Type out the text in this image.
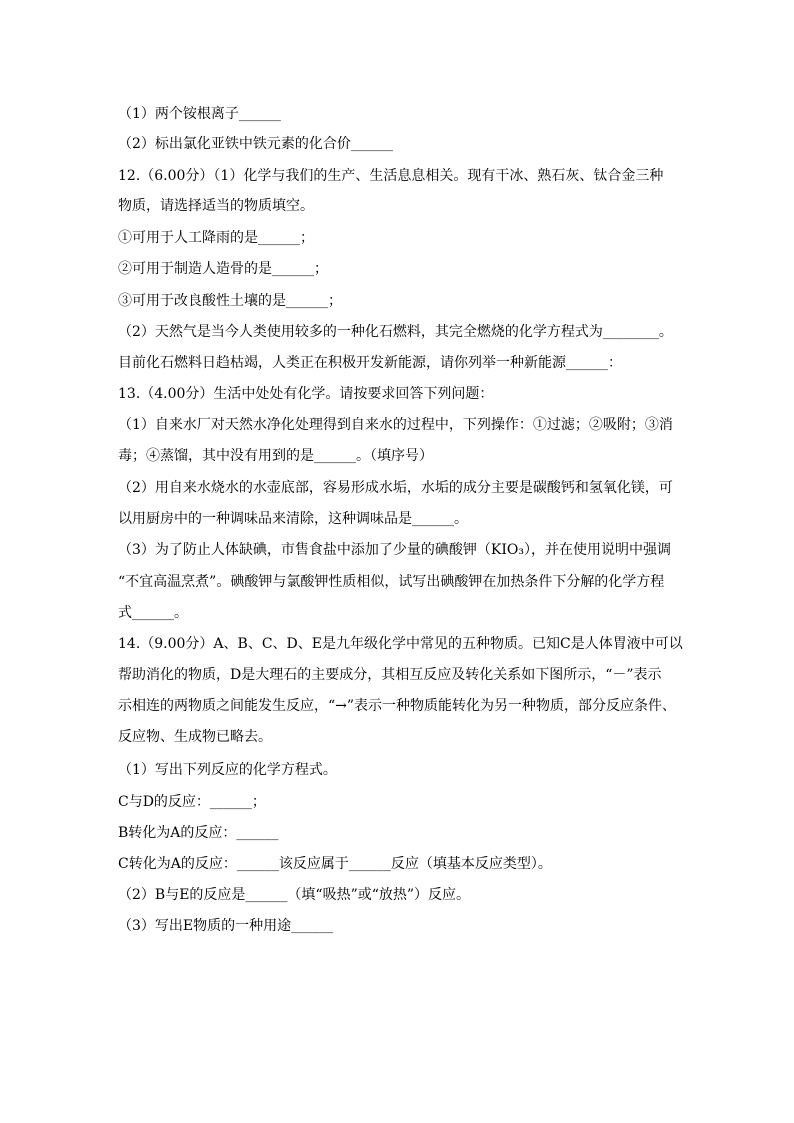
（1）两个铵根离子______
（2）标出氯化亚铁中铁元素的化合价______
12.（6.00分）（1）化学与我们的生产、生活息息相关。现有干冰、熟石灰、钛合金三种
物质，请选择适当的物质填空。
①可用于人工降雨的是______；
②可用于制造人造骨的是______；
③可用于改良酸性土壤的是______；
（2）天然气是当今人类使用较多的一种化石燃料，其完全燃烧的化学方程式为________。
目前化石燃料日趋枯竭，人类正在积极开发新能源，请你列举一种新能源______：
13.（4.00分）生活中处处有化学。请按要求回答下列问题：
（1）自来水厂对天然水净化处理得到自来水的过程中，下列操作：①过滤；②吸附；③消
毒；④蒸馏，其中没有用到的是______。（填序号）
（2）用自来水烧水的水壶底部，容易形成水垢，水垢的成分主要是碳酸钙和氢氧化镁，可
以用厨房中的一种调味品来清除，这种调味品是______。
（3）为了防止人体缺碘，市售食盐中添加了少量的碘酸钾（KIO₃），并在使用说明中强调
“不宜高温烹煮”。碘酸钾与氯酸钾性质相似，试写出碘酸钾在加热条件下分解的化学方程
式______。
14.（9.00分）A、B、C、D、E是九年级化学中常见的五种物质。已知C是人体胃液中可以
帮助消化的物质，D是大理石的主要成分，其相互反应及转化关系如下图所示，“－”表示
示相连的两物质之间能发生反应，“→”表示一种物质能转化为另一种物质，部分反应条件、
反应物、生成物已略去。
（1）写出下列反应的化学方程式。
C与D的反应：______；
B转化为A的反应：______
C转化为A的反应：______该反应属于______反应（填基本反应类型）。
（2）B与E的反应是______（填“吸热”或“放热”）反应。
（3）写出E物质的一种用途______
